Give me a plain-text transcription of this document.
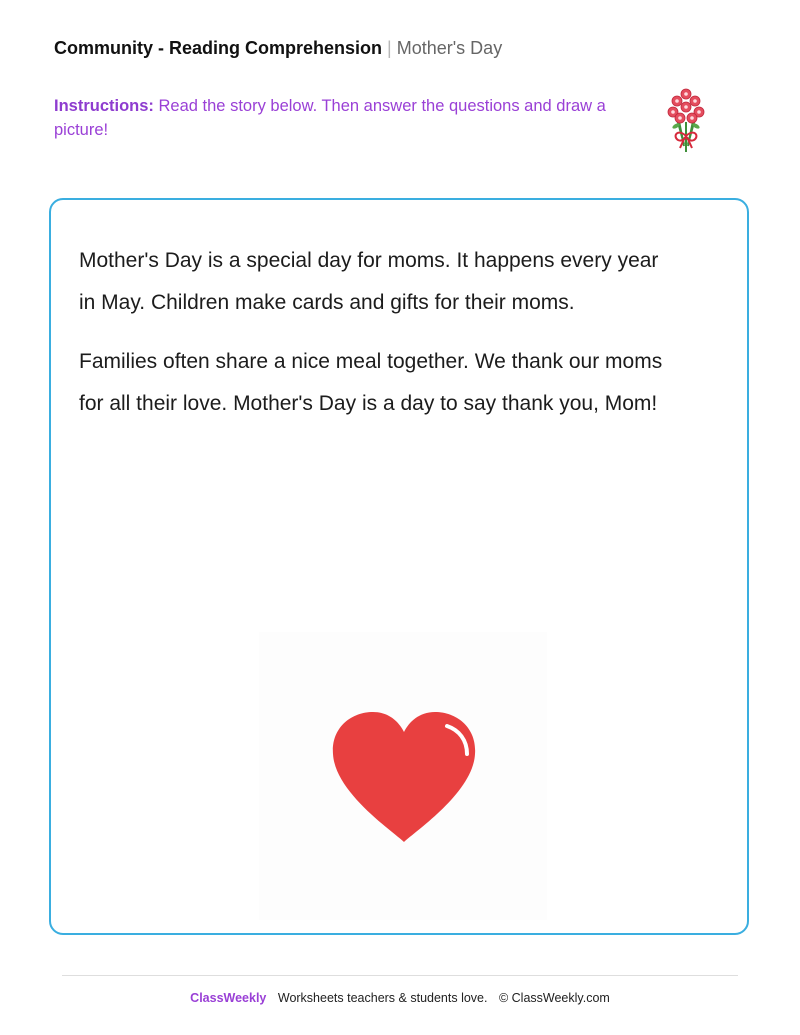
Community - Reading Comprehension | Mother's Day
Instructions: Read the story below. Then answer the questions and draw a picture!

Mother's Day is a special day for moms. It happens every year in May. Children make cards and gifts for their moms.

Families often share a nice meal together. We thank our moms for all their love. Mother's Day is a day to say thank you, Mom!

ClassWeekly Worksheets teachers & students love. © ClassWeekly.com
